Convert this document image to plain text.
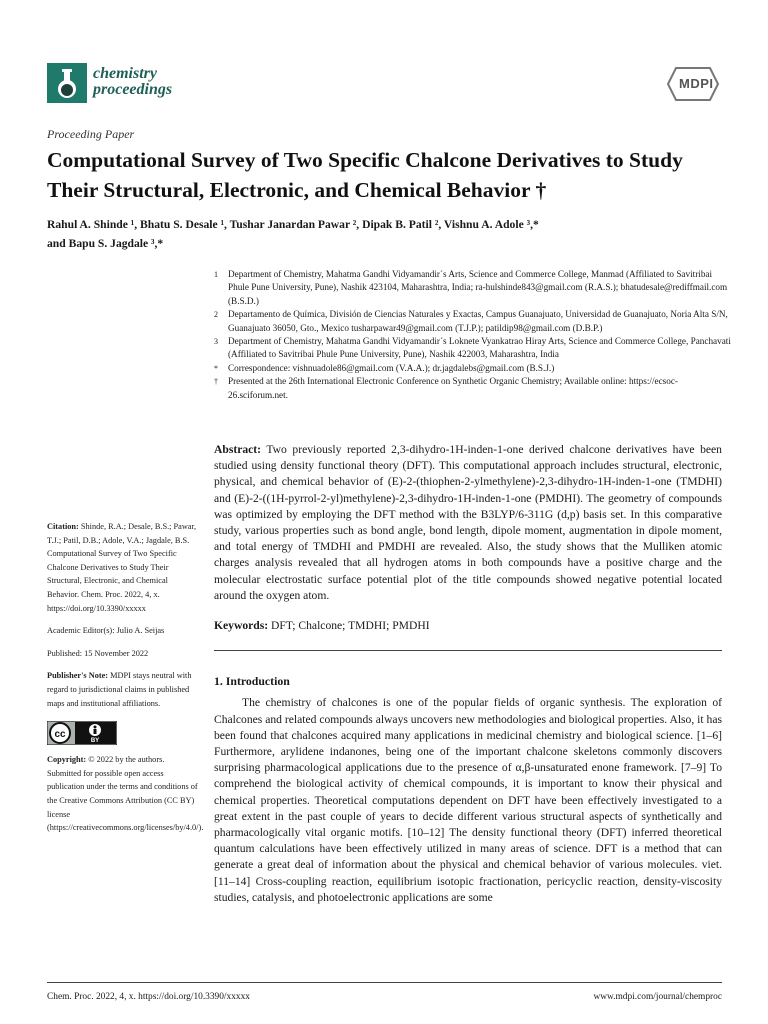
chemistry
proceedings	MDPI
Proceeding Paper
Computational Survey of Two Specific Chalcone Derivatives to Study Their Structural, Electronic, and Chemical Behavior †
Rahul A. Shinde ¹, Bhatu S. Desale ¹, Tushar Janardan Pawar ², Dipak B. Patil ², Vishnu A. Adole ³,*
and Bapu S. Jagdale ³,*
1 Department of Chemistry, Mahatma Gandhi Vidyamandir´s Arts, Science and Commerce College, Manmad (Affiliated to Savitribai Phule Pune University, Pune), Nashik 423104, Maharashtra, India; ra-hulshinde843@gmail.com (R.A.S.); bhatudesale@rediffmail.com (B.S.D.)
2 Departamento de Química, División de Ciencias Naturales y Exactas, Campus Guanajuato, Universidad de Guanajuato, Noria Alta S/N, Guanajuato 36050, Gto., Mexico tusharpawar49@gmail.com (T.J.P.); patildip98@gmail.com (D.B.P.)
3 Department of Chemistry, Mahatma Gandhi Vidyamandir´s Loknete Vyankatrao Hiray Arts, Science and Commerce College, Panchavati (Affiliated to Savitribai Phule Pune University, Pune), Nashik 422003, Maharashtra, India
* Correspondence: vishnuadole86@gmail.com (V.A.A.); dr.jagdalebs@gmail.com (B.S.J.)
† Presented at the 26th International Electronic Conference on Synthetic Organic Chemistry; Available online: https://ecsoc-26.sciforum.net.

Citation: Shinde, R.A.; Desale, B.S.; Pawar, T.J.; Patil, D.B.; Adole, V.A.; Jagdale, B.S. Computational Survey of Two Specific Chalcone Derivatives to Study Their Structural, Electronic, and Chemical Behavior. Chem. Proc. 2022, 4, x. https://doi.org/10.3390/xxxxx

Academic Editor(s): Julio A. Seijas

Published: 15 November 2022

Publisher's Note: MDPI stays neutral with regard to jurisdictional claims in published maps and institutional affiliations.

cc
BY

Copyright: © 2022 by the authors. Submitted for possible open access publication under the terms and conditions of the Creative Commons Attribution (CC BY) license (https://creativecommons.org/licenses/by/4.0/).

Abstract: Two previously reported 2,3-dihydro-1H-inden-1-one derived chalcone derivatives have been studied using density functional theory (DFT). This computational approach includes structural, electronic, physical, and chemical behavior of (E)-2-(thiophen-2-ylmethylene)-2,3-dihydro-1H-inden-1-one (TMDHI) and (E)-2-((1H-pyrrol-2-yl)methylene)-2,3-dihydro-1H-inden-1-one (PMDHI). The geometry of compounds was optimized by employing the DFT method with the B3LYP/6-311G (d,p) basis set. In this comparative study, various properties such as bond angle, bond length, dipole moment, augmentation in dipole moment, and total energy of TMDHI and PMDHI are revealed. Also, the study shows that the Mulliken atomic charges analysis revealed that all hydrogen atoms in both compounds have a positive charge and the molecular electrostatic surface potential plot of the title compounds showed negative potential located around the oxygen atom.

Keywords: DFT; Chalcone; TMDHI; PMDHI

1. Introduction

The chemistry of chalcones is one of the popular fields of organic synthesis. The exploration of Chalcones and related compounds always uncovers new methodologies and biological properties. Also, it has been found that chalcones acquired many applications in medicinal chemistry and biological science. [1–6] Furthermore, arylidene indanones, being one of the important chalcone skeletons commonly discovers surprising pharmacological applications due to the presence of α,β-unsaturated enone framework. [7–9] To comprehend the biological activity of chemical compounds, it is important to know their physical and chemical properties. Theoretical computations dependent on DFT have been effectively investigated to a great extent in the past couple of years to decide different various structural aspects of synthetically and pharmacologically vital organic motifs. [10–12] The density functional theory (DFT) inferred theoretical quantum calculations have been effectively utilized in many areas of science. DFT is a method that can generate a great deal of information about the physical and chemical behavior of various molecules. viet. [11–14] Cross-coupling reaction, equilibrium isotopic fractionation, pericyclic reaction, density-viscosity studies, catalysis, and photoelectronic applications are some

Chem. Proc. 2022, 4, x. https://doi.org/10.3390/xxxxx	www.mdpi.com/journal/chemproc
